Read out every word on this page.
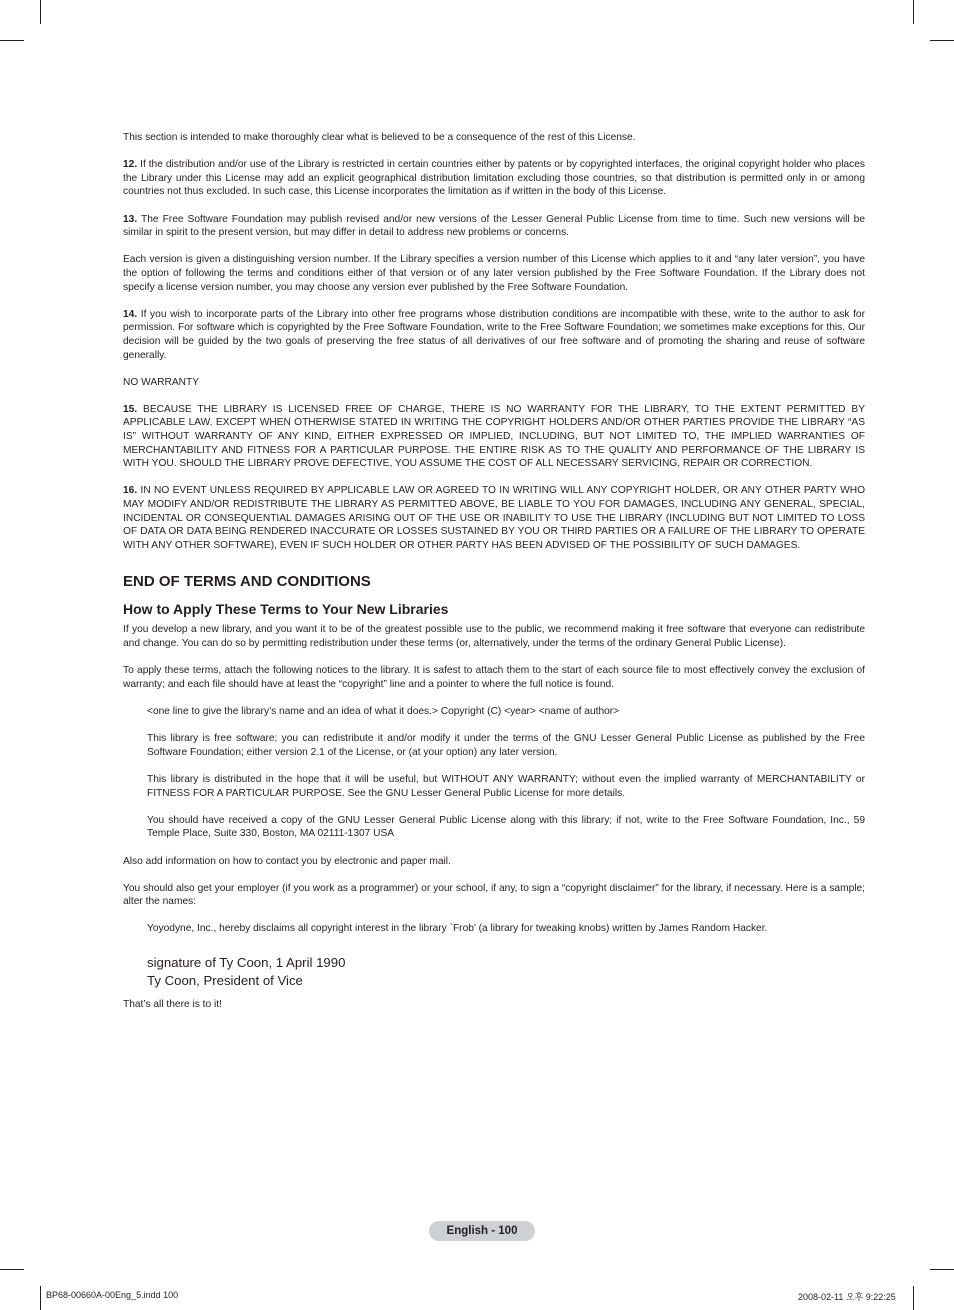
This section is intended to make thoroughly clear what is believed to be a consequence of the rest of this License.

12. If the distribution and/or use of the Library is restricted in certain countries either by patents or by copyrighted interfaces, the original copyright holder who places the Library under this License may add an explicit geographical distribution limitation excluding those countries, so that distribution is permitted only in or among countries not thus excluded. In such case, this License incorporates the limitation as if written in the body of this License.

13. The Free Software Foundation may publish revised and/or new versions of the Lesser General Public License from time to time. Such new versions will be similar in spirit to the present version, but may differ in detail to address new problems or concerns.

Each version is given a distinguishing version number. If the Library specifies a version number of this License which applies to it and “any later version”, you have the option of following the terms and conditions either of that version or of any later version published by the Free Software Foundation. If the Library does not specify a license version number, you may choose any version ever published by the Free Software Foundation.

14. If you wish to incorporate parts of the Library into other free programs whose distribution conditions are incompatible with these, write to the author to ask for permission. For software which is copyrighted by the Free Software Foundation, write to the Free Software Foundation; we sometimes make exceptions for this. Our decision will be guided by the two goals of preserving the free status of all derivatives of our free software and of promoting the sharing and reuse of software generally.

NO WARRANTY

15. BECAUSE THE LIBRARY IS LICENSED FREE OF CHARGE, THERE IS NO WARRANTY FOR THE LIBRARY, TO THE EXTENT PERMITTED BY APPLICABLE LAW. EXCEPT WHEN OTHERWISE STATED IN WRITING THE COPYRIGHT HOLDERS AND/OR OTHER PARTIES PROVIDE THE LIBRARY “AS IS” WITHOUT WARRANTY OF ANY KIND, EITHER EXPRESSED OR IMPLIED, INCLUDING, BUT NOT LIMITED TO, THE IMPLIED WARRANTIES OF MERCHANTABILITY AND FITNESS FOR A PARTICULAR PURPOSE. THE ENTIRE RISK AS TO THE QUALITY AND PERFORMANCE OF THE LIBRARY IS WITH YOU. SHOULD THE LIBRARY PROVE DEFECTIVE, YOU ASSUME THE COST OF ALL NECESSARY SERVICING, REPAIR OR CORRECTION.

16. IN NO EVENT UNLESS REQUIRED BY APPLICABLE LAW OR AGREED TO IN WRITING WILL ANY COPYRIGHT HOLDER, OR ANY OTHER PARTY WHO MAY MODIFY AND/OR REDISTRIBUTE THE LIBRARY AS PERMITTED ABOVE, BE LIABLE TO YOU FOR DAMAGES, INCLUDING ANY GENERAL, SPECIAL, INCIDENTAL OR CONSEQUENTIAL DAMAGES ARISING OUT OF THE USE OR INABILITY TO USE THE LIBRARY (INCLUDING BUT NOT LIMITED TO LOSS OF DATA OR DATA BEING RENDERED INACCURATE OR LOSSES SUSTAINED BY YOU OR THIRD PARTIES OR A FAILURE OF THE LIBRARY TO OPERATE WITH ANY OTHER SOFTWARE), EVEN IF SUCH HOLDER OR OTHER PARTY HAS BEEN ADVISED OF THE POSSIBILITY OF SUCH DAMAGES.

END OF TERMS AND CONDITIONS
How to Apply These Terms to Your New Libraries

If you develop a new library, and you want it to be of the greatest possible use to the public, we recommend making it free software that everyone can redistribute and change. You can do so by permitting redistribution under these terms (or, alternatively, under the terms of the ordinary General Public License).

To apply these terms, attach the following notices to the library. It is safest to attach them to the start of each source file to most effectively convey the exclusion of warranty; and each file should have at least the “copyright” line and a pointer to where the full notice is found.

<one line to give the library’s name and an idea of what it does.> Copyright (C) <year> <name of author>

This library is free software; you can redistribute it and/or modify it under the terms of the GNU Lesser General Public License as published by the Free Software Foundation; either version 2.1 of the License, or (at your option) any later version.

This library is distributed in the hope that it will be useful, but WITHOUT ANY WARRANTY; without even the implied warranty of MERCHANTABILITY or FITNESS FOR A PARTICULAR PURPOSE. See the GNU Lesser General Public License for more details.

You should have received a copy of the GNU Lesser General Public License along with this library; if not, write to the Free Software Foundation, Inc., 59 Temple Place, Suite 330, Boston, MA 02111-1307 USA

Also add information on how to contact you by electronic and paper mail.

You should also get your employer (if you work as a programmer) or your school, if any, to sign a “copyright disclaimer” for the library, if necessary. Here is a sample; alter the names:

Yoyodyne, Inc., hereby disclaims all copyright interest in the library `Frob’ (a library for tweaking knobs) written by James Random Hacker.

signature of Ty Coon, 1 April 1990
Ty Coon, President of Vice

That’s all there is to it!

English - 100
BP68-00660A-00Eng_5.indd 100	2008-02-11 오후 9:22:25
